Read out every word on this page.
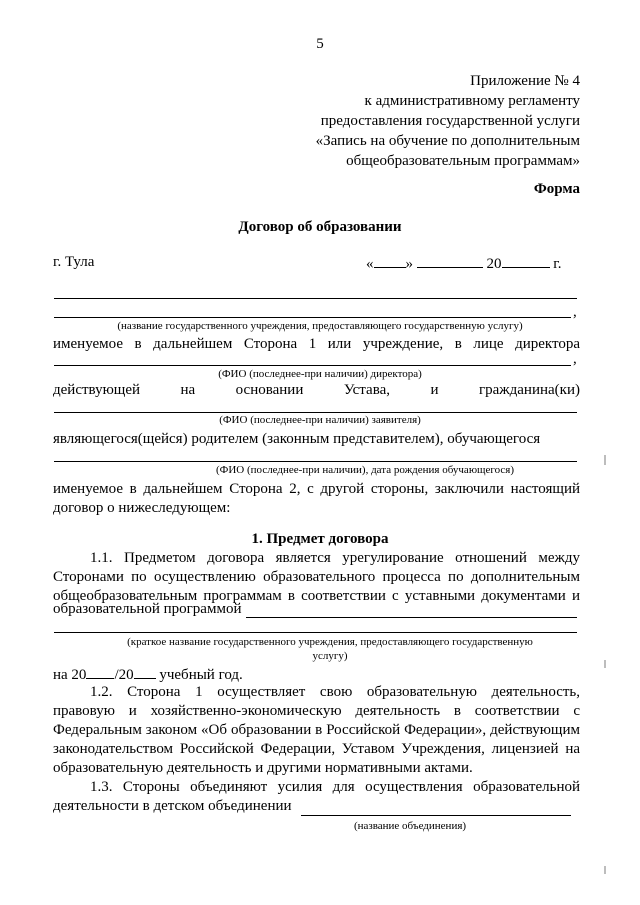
5
Приложение № 4
к административному регламенту
предоставления государственной услуги
«Запись на обучение по дополнительным
общеобразовательным программам»
Форма
Договор об образовании
г. Тула	« »	20	г.
,
(название государственного учреждения, предоставляющего государственную услугу)
именуемое в дальнейшем Сторона 1 или учреждение, в лице директора
,
(ФИО (последнее-при наличии) директора)
действующей	на	основании	Устава,	и	гражданина(ки)
(ФИО (последнее-при наличии) заявителя)
являющегося(щейся) родителем (законным представителем), обучающегося
(ФИО (последнее-при наличии), дата рождения обучающегося)
именуемое в дальнейшем Сторона 2, с другой стороны, заключили настоящий
договор о нижеследующем:
1. Предмет договора
1.1. Предметом договора является урегулирование отношений между
Сторонами по осуществлению образовательного процесса по дополнительным
общеобразовательным программам в соответствии с уставными документами и
образовательной программой
(краткое название государственного учреждения, предоставляющего государственную
услугу)
на 20 /20 учебный год.
1.2. Сторона 1 осуществляет свою образовательную деятельность,
правовую и хозяйственно-экономическую деятельность в соответствии с
Федеральным законом «Об образовании в Российской Федерации», действующим
законодательством Российской Федерации, Уставом Учреждения, лицензией на
образовательную деятельность и другими нормативными актами.
1.3. Стороны объединяют усилия для осуществления образовательной
деятельности в детском объединении
(название объединения)
